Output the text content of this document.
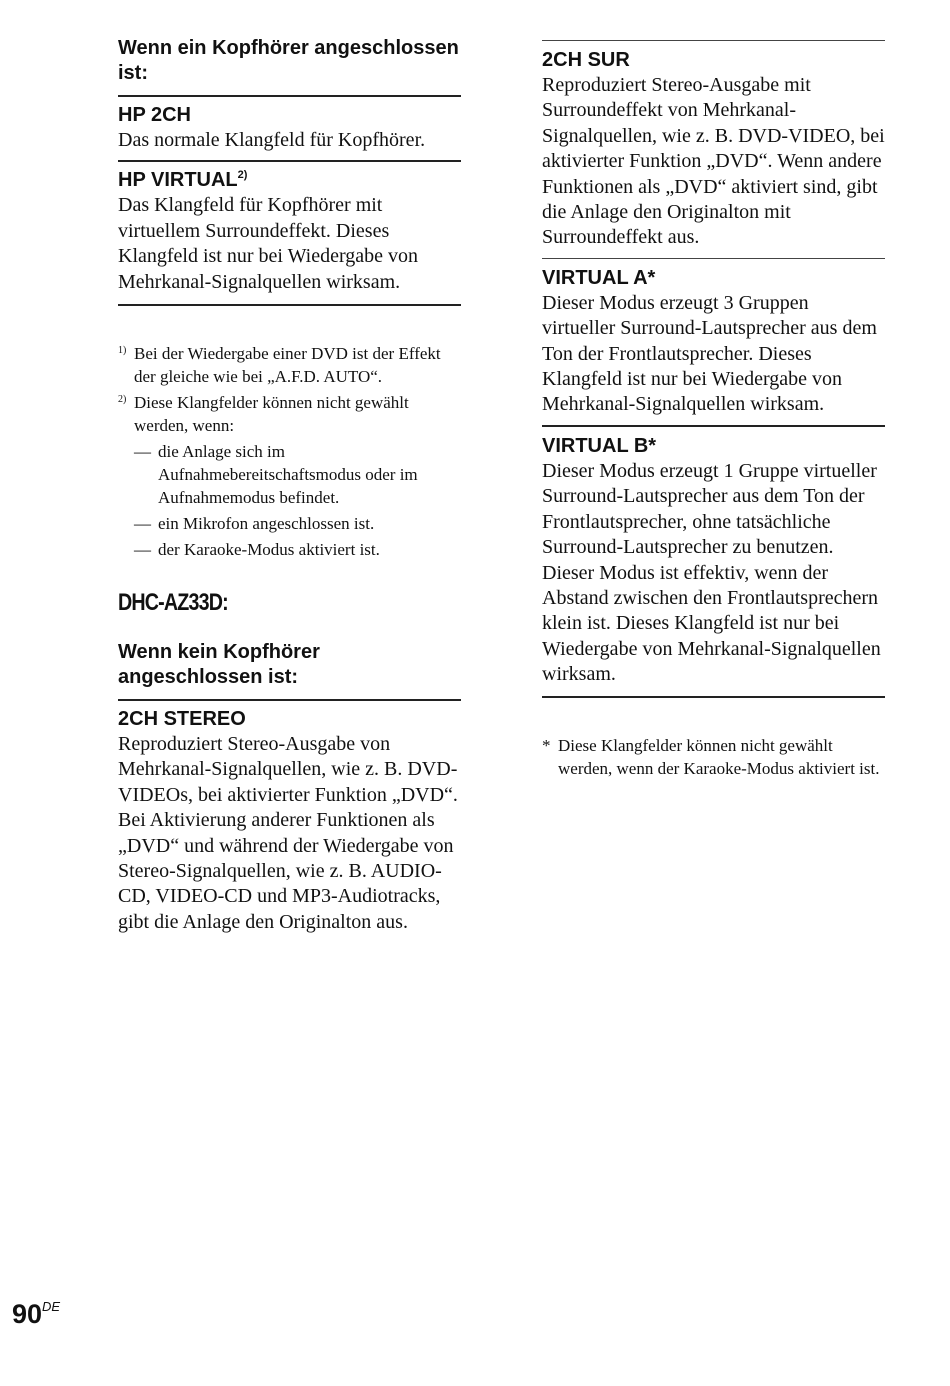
Wenn ein Kopfhörer angeschlossen ist:
HP 2CH

Das normale Klangfeld für Kopfhörer.

HP VIRTUAL$^{2)}$

Das Klangfeld für Kopfhörer mit virtuellem Surroundeffekt. Dieses Klangfeld ist nur bei Wiedergabe von Mehrkanal-Signalquellen wirksam.

1) Bei der Wiedergabe einer DVD ist der Effekt der gleiche wie bei „A.F.D. AUTO“.
2) Diese Klangfelder können nicht gewählt werden, wenn:
— die Anlage sich im Aufnahmebereitschaftsmodus oder im Aufnahmemodus befindet.
— ein Mikrofon angeschlossen ist.
— der Karaoke-Modus aktiviert ist.
DHC-AZ33D:
Wenn kein Kopfhörer angeschlossen ist:
2CH STEREO

Reproduziert Stereo-Ausgabe von Mehrkanal-Signalquellen, wie z. B. DVD-VIDEOs, bei aktivierter Funktion „DVD“. Bei Aktivierung anderer Funktionen als „DVD“ und während der Wiedergabe von Stereo-Signalquellen, wie z. B. AUDIO-CD, VIDEO-CD und MP3-Audiotracks, gibt die Anlage den Originalton aus.

2CH SUR

Reproduziert Stereo-Ausgabe mit Surroundeffekt von Mehrkanal-Signalquellen, wie z. B. DVD-VIDEO, bei aktivierter Funktion „DVD“. Wenn andere Funktionen als „DVD“ aktiviert sind, gibt die Anlage den Originalton mit Surroundeffekt aus.

VIRTUAL A*

Dieser Modus erzeugt 3 Gruppen virtueller Surround-Lautsprecher aus dem Ton der Frontlautsprecher. Dieses Klangfeld ist nur bei Wiedergabe von Mehrkanal-Signalquellen wirksam.

VIRTUAL B*

Dieser Modus erzeugt 1 Gruppe virtueller Surround-Lautsprecher aus dem Ton der Frontlautsprecher, ohne tatsächliche Surround-Lautsprecher zu benutzen. Dieser Modus ist effektiv, wenn der Abstand zwischen den Frontlautsprechern klein ist. Dieses Klangfeld ist nur bei Wiedergabe von Mehrkanal-Signalquellen wirksam.

* Diese Klangfelder können nicht gewählt werden, wenn der Karaoke-Modus aktiviert ist.
90DE
